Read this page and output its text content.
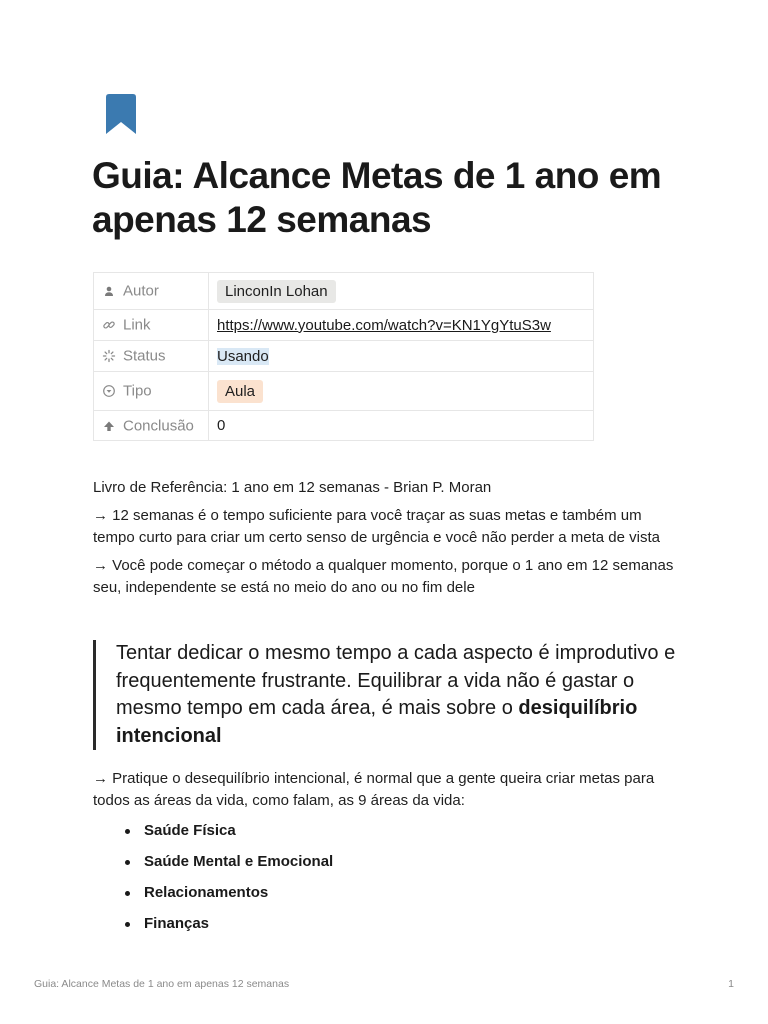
Guia: Alcance Metas de 1 ano em apenas 12 semanas
Autor	LinconIn Lohan
Link	https://www.youtube.com/watch?v=KN1YgYtuS3w
Status	Usando
Tipo	Aula
Conclusão	0

Livro de Referência: 1 ano em 12 semanas - Brian P. Moran

→ 12 semanas é o tempo suficiente para você traçar as suas metas e também um tempo curto para criar um certo senso de urgência e você não perder a meta de vista

→ Você pode começar o método a qualquer momento, porque o 1 ano em 12 semanas seu, independente se está no meio do ano ou no fim dele

Tentar dedicar o mesmo tempo a cada aspecto é improdutivo e frequentemente frustrante. Equilibrar a vida não é gastar o mesmo tempo em cada área, é mais sobre o desiquilíbrio intencional

→ Pratique o desequilíbrio intencional, é normal que a gente queira criar metas para todos as áreas da vida, como falam, as 9 áreas da vida:

Saúde Física
Saúde Mental e Emocional
Relacionamentos
Finanças
Guia: Alcance Metas de 1 ano em apenas 12 semanas	1
